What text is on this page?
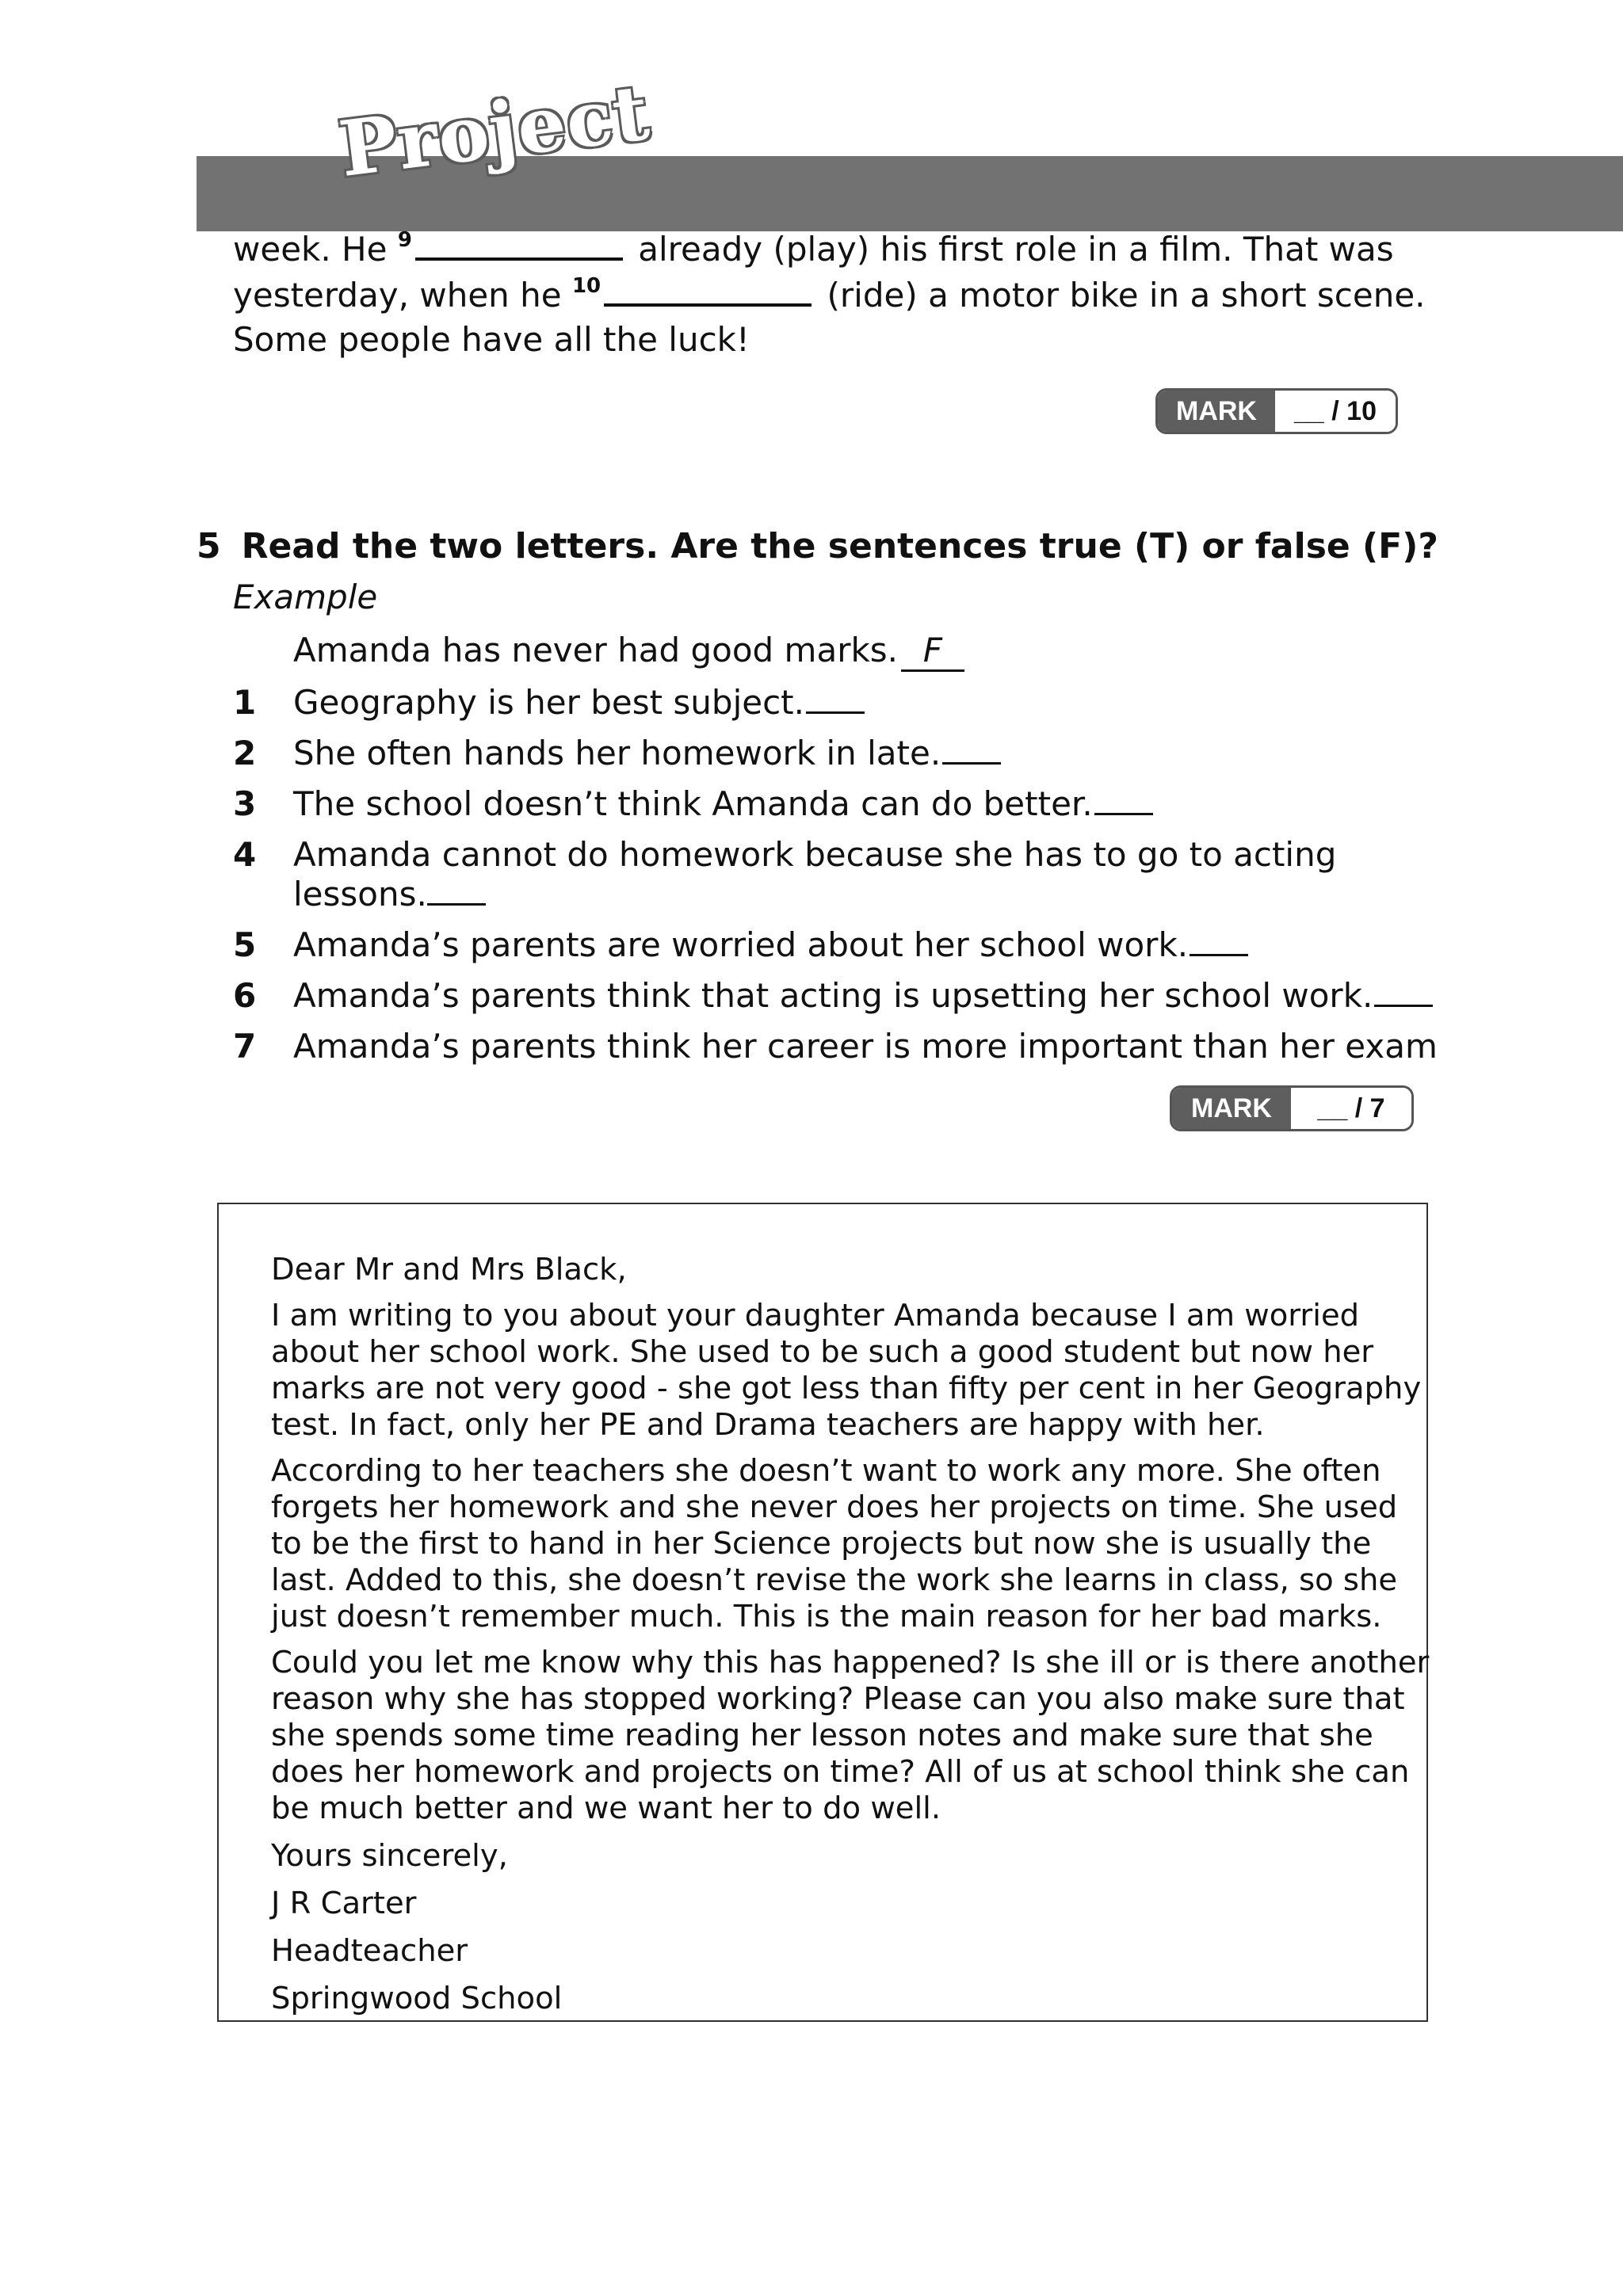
Project
week. He $^9$	already (play) his first role in a film. That was
yesterday, when he $^{10}$	(ride) a motor bike in a short scene.
Some people have all the luck!
MARK	__ / 10
5 Read the two letters. Are the sentences true (T) or false (F)?
Example
Amanda has never had good marks. F
1 Geography is her best subject.
2 She often hands her homework in late.
3 The school doesn’t think Amanda can do better.
4 Amanda cannot do homework because she has to go to acting
lessons.
5 Amanda’s parents are worried about her school work.
6 Amanda’s parents think that acting is upsetting her school work.
7 Amanda’s parents think her career is more important than her exam
MARK	__ / 7
Dear Mr and Mrs Black,
I am writing to you about your daughter Amanda because I am worried
about her school work. She used to be such a good student but now her
marks are not very good - she got less than fifty per cent in her Geography
test. In fact, only her PE and Drama teachers are happy with her.
According to her teachers she doesn’t want to work any more. She often
forgets her homework and she never does her projects on time. She used
to be the first to hand in her Science projects but now she is usually the
last. Added to this, she doesn’t revise the work she learns in class, so she
just doesn’t remember much. This is the main reason for her bad marks.
Could you let me know why this has happened? Is she ill or is there another
reason why she has stopped working? Please can you also make sure that
she spends some time reading her lesson notes and make sure that she
does her homework and projects on time? All of us at school think she can
be much better and we want her to do well.
Yours sincerely,
J R Carter
Headteacher
Springwood School
